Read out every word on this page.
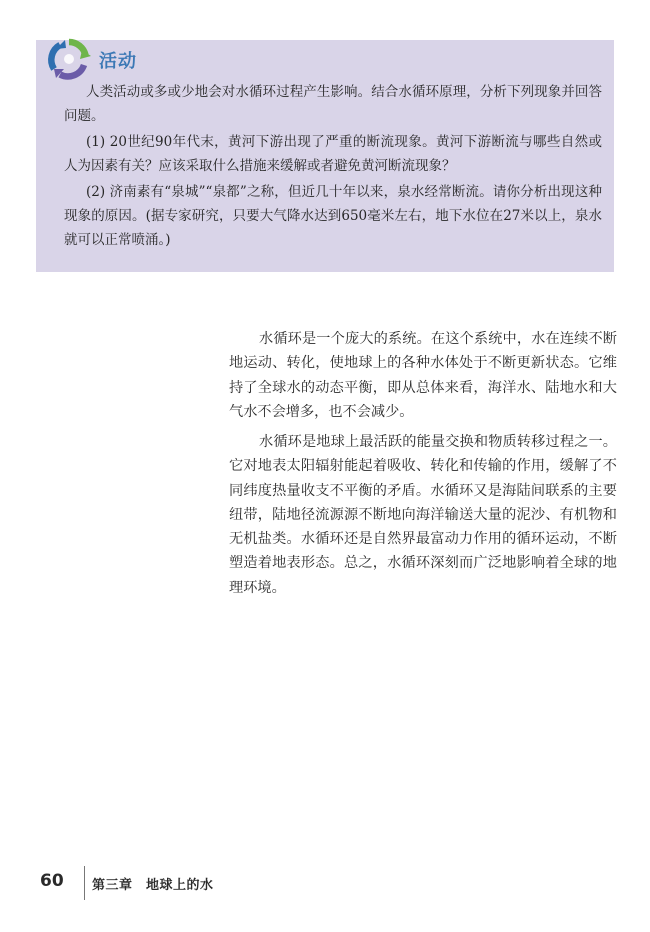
活动

人类活动或多或少地会对水循环过程产生影响。结合水循环原理，分析下列现象并回答问题。

(1) 20世纪90年代末，黄河下游出现了严重的断流现象。黄河下游断流与哪些自然或人为因素有关？应该采取什么措施来缓解或者避免黄河断流现象？

(2) 济南素有“泉城”“泉都”之称，但近几十年以来，泉水经常断流。请你分析出现这种现象的原因。(据专家研究，只要大气降水达到650毫米左右，地下水位在27米以上，泉水就可以正常喷涌。)

水循环是一个庞大的系统。在这个系统中，水在连续不断地运动、转化，使地球上的各种水体处于不断更新状态。它维持了全球水的动态平衡，即从总体来看，海洋水、陆地水和大气水不会增多，也不会减少。

水循环是地球上最活跃的能量交换和物质转移过程之一。它对地表太阳辐射能起着吸收、转化和传输的作用，缓解了不同纬度热量收支不平衡的矛盾。水循环又是海陆间联系的主要纽带，陆地径流源源不断地向海洋输送大量的泥沙、有机物和无机盐类。水循环还是自然界最富动力作用的循环运动，不断塑造着地表形态。总之，水循环深刻而广泛地影响着全球的地理环境。

60 第三章　地球上的水
